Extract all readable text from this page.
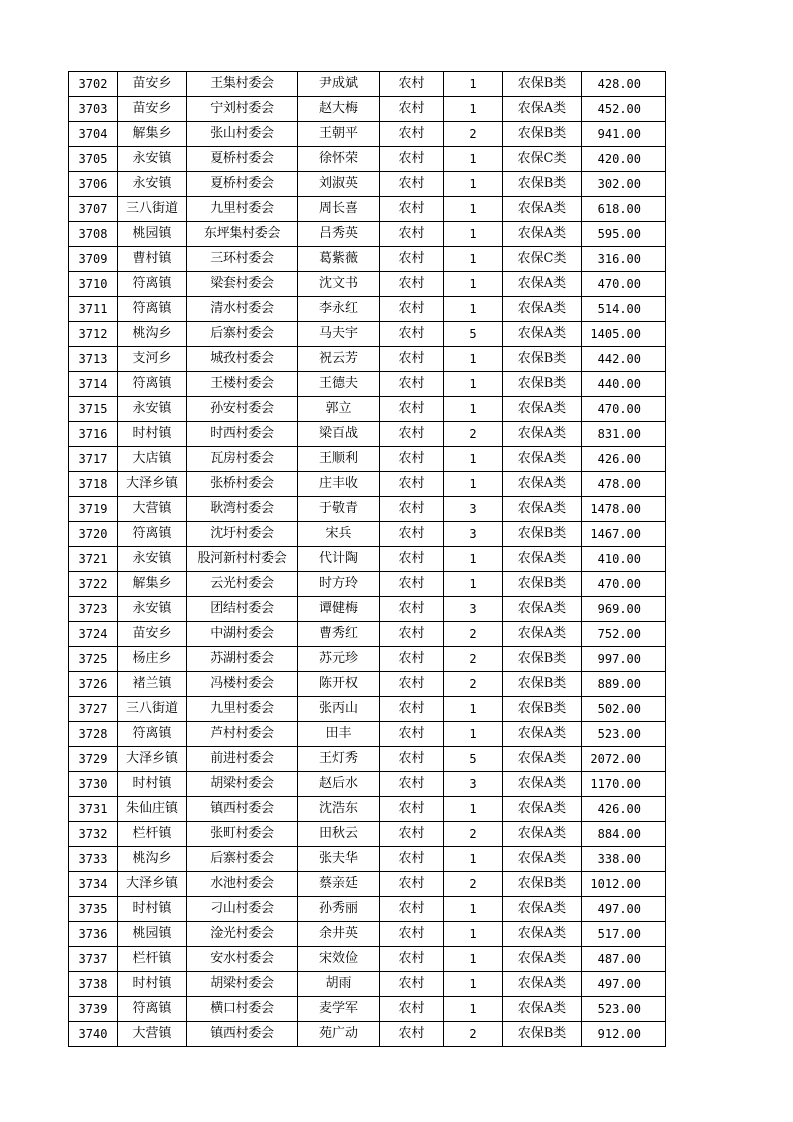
3702	苗安乡	王集村委会	尹成斌	农村	1	农保B类	428.00
3703	苗安乡	宁刘村委会	赵大梅	农村	1	农保A类	452.00
3704	解集乡	张山村委会	王朝平	农村	2	农保B类	941.00
3705	永安镇	夏桥村委会	徐怀荣	农村	1	农保C类	420.00
3706	永安镇	夏桥村委会	刘淑英	农村	1	农保B类	302.00
3707	三八街道	九里村委会	周长喜	农村	1	农保A类	618.00
3708	桃园镇	东坪集村委会	吕秀英	农村	1	农保A类	595.00
3709	曹村镇	三环村委会	葛紫薇	农村	1	农保C类	316.00
3710	符离镇	梁套村委会	沈文书	农村	1	农保A类	470.00
3711	符离镇	清水村委会	李永红	农村	1	农保A类	514.00
3712	桃沟乡	后寨村委会	马夫宇	农村	5	农保A类	1405.00
3713	支河乡	城孜村委会	祝云芳	农村	1	农保B类	442.00
3714	符离镇	王楼村委会	王德夫	农村	1	农保B类	440.00
3715	永安镇	孙安村委会	郭立	农村	1	农保A类	470.00
3716	时村镇	时西村委会	梁百战	农村	2	农保A类	831.00
3717	大店镇	瓦房村委会	王顺利	农村	1	农保A类	426.00
3718	大泽乡镇	张桥村委会	庄丰收	农村	1	农保A类	478.00
3719	大营镇	耿湾村委会	于敬青	农村	3	农保A类	1478.00
3720	符离镇	沈圩村委会	宋兵	农村	3	农保B类	1467.00
3721	永安镇	股河新村村委会	代计陶	农村	1	农保A类	410.00
3722	解集乡	云光村委会	时方玲	农村	1	农保B类	470.00
3723	永安镇	团结村委会	谭健梅	农村	3	农保A类	969.00
3724	苗安乡	中湖村委会	曹秀红	农村	2	农保A类	752.00
3725	杨庄乡	苏湖村委会	苏元珍	农村	2	农保B类	997.00
3726	褚兰镇	冯楼村委会	陈开权	农村	2	农保B类	889.00
3727	三八街道	九里村委会	张丙山	农村	1	农保B类	502.00
3728	符离镇	芦村村委会	田丰	农村	1	农保A类	523.00
3729	大泽乡镇	前进村委会	王灯秀	农村	5	农保A类	2072.00
3730	时村镇	胡梁村委会	赵后水	农村	3	农保A类	1170.00
3731	朱仙庄镇	镇西村委会	沈浩东	农村	1	农保A类	426.00
3732	栏杆镇	张町村委会	田秋云	农村	2	农保A类	884.00
3733	桃沟乡	后寨村委会	张夫华	农村	1	农保A类	338.00
3734	大泽乡镇	水池村委会	蔡亲廷	农村	2	农保B类	1012.00
3735	时村镇	刁山村委会	孙秀丽	农村	1	农保A类	497.00
3736	桃园镇	淦光村委会	余井英	农村	1	农保A类	517.00
3737	栏杆镇	安水村委会	宋效俭	农村	1	农保A类	487.00
3738	时村镇	胡梁村委会	胡雨	农村	1	农保A类	497.00
3739	符离镇	横口村委会	麦学军	农村	1	农保A类	523.00
3740	大营镇	镇西村委会	苑广动	农村	2	农保B类	912.00
